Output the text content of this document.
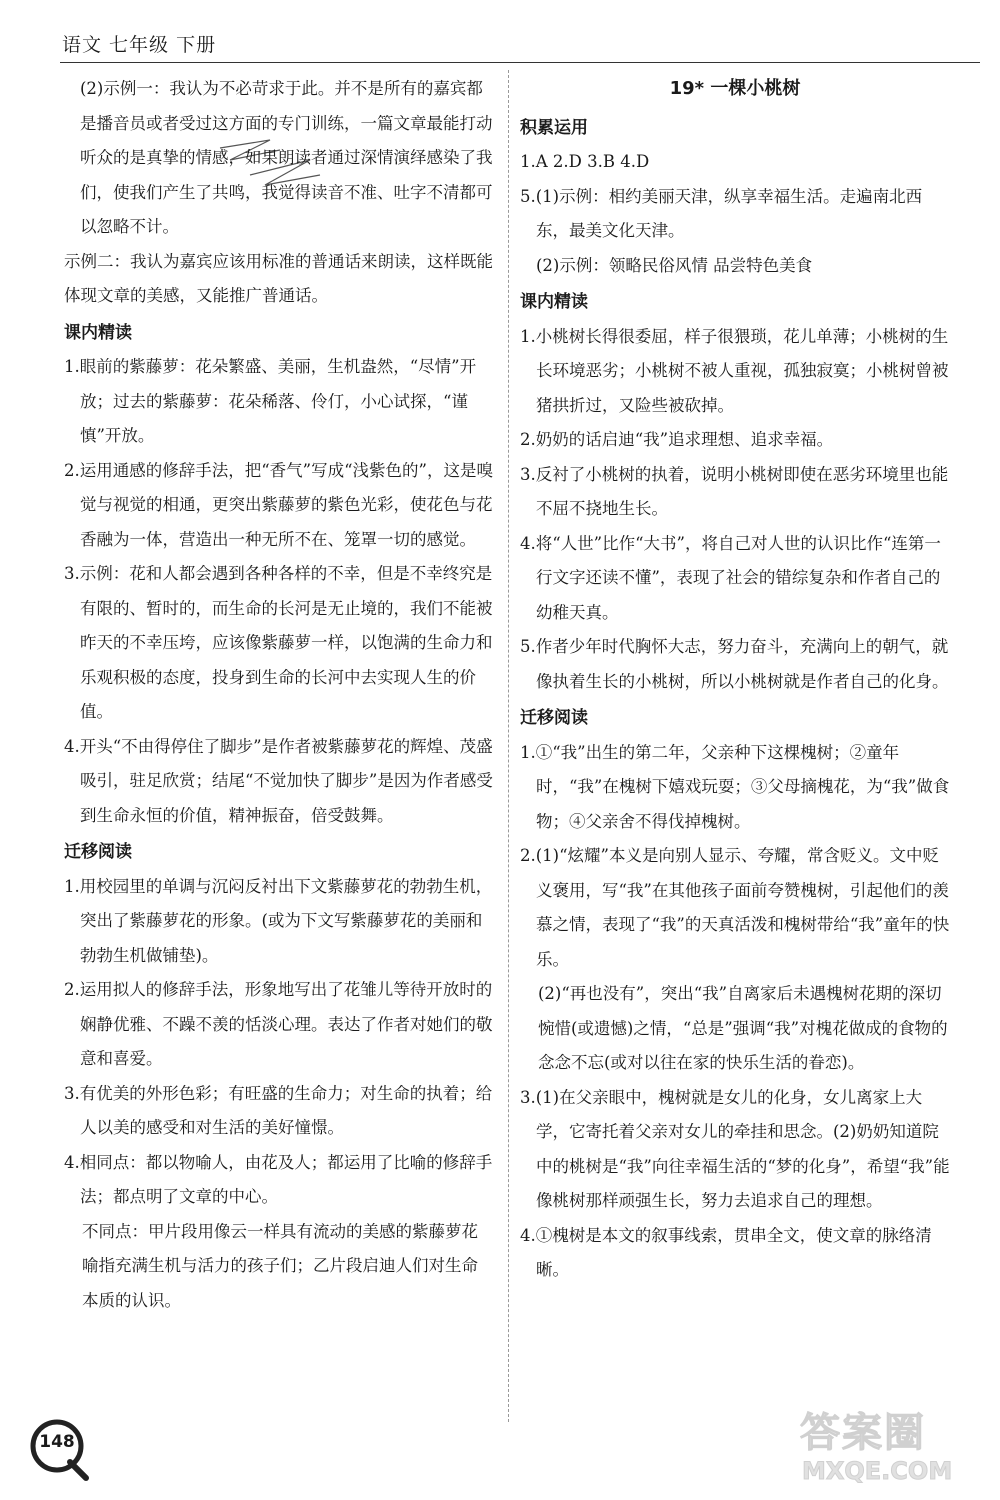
语文 七年级 下册

(2)示例一：我认为不必苛求于此。并不是所有的嘉宾都是播音员或者受过这方面的专门训练，一篇文章最能打动听众的是真挚的情感，如果朗读者通过深情演绎感染了我们，使我们产生了共鸣，我觉得读音不准、吐字不清都可以忽略不计。

示例二：我认为嘉宾应该用标准的普通话来朗读，这样既能体现文章的美感，又能推广普通话。

课内精读

1.眼前的紫藤萝：花朵繁盛、美丽，生机盎然，“尽情”开放；过去的紫藤萝：花朵稀落、伶仃，小心试探，“谨慎”开放。

2.运用通感的修辞手法，把“香气”写成“浅紫色的”，这是嗅觉与视觉的相通，更突出紫藤萝的紫色光彩，使花色与花香融为一体，营造出一种无所不在、笼罩一切的感觉。

3.示例：花和人都会遇到各种各样的不幸，但是不幸终究是有限的、暂时的，而生命的长河是无止境的，我们不能被昨天的不幸压垮，应该像紫藤萝一样，以饱满的生命力和乐观积极的态度，投身到生命的长河中去实现人生的价值。

4.开头“不由得停住了脚步”是作者被紫藤萝花的辉煌、茂盛吸引，驻足欣赏；结尾“不觉加快了脚步”是因为作者感受到生命永恒的价值，精神振奋，倍受鼓舞。

迁移阅读

1.用校园里的单调与沉闷反衬出下文紫藤萝花的勃勃生机，突出了紫藤萝花的形象。(或为下文写紫藤萝花的美丽和勃勃生机做铺垫)。

2.运用拟人的修辞手法，形象地写出了花雏儿等待开放时的娴静优雅、不躁不羡的恬淡心理。表达了作者对她们的敬意和喜爱。

3.有优美的外形色彩；有旺盛的生命力；对生命的执着；给人以美的感受和对生活的美好憧憬。

4.相同点：都以物喻人，由花及人；都运用了比喻的修辞手法；都点明了文章的中心。

不同点：甲片段用像云一样具有流动的美感的紫藤萝花喻指充满生机与活力的孩子们；乙片段启迪人们对生命本质的认识。

19* 一棵小桃树

积累运用

1.A 2.D 3.B 4.D

5.(1)示例：相约美丽天津，纵享幸福生活。走遍南北西东，最美文化天津。

(2)示例：领略民俗风情 品尝特色美食

课内精读

1.小桃树长得很委屈，样子很猥琐，花儿单薄；小桃树的生长环境恶劣；小桃树不被人重视，孤独寂寞；小桃树曾被猪拱折过，又险些被砍掉。

2.奶奶的话启迪“我”追求理想、追求幸福。

3.反衬了小桃树的执着，说明小桃树即使在恶劣环境里也能不屈不挠地生长。

4.将“人世”比作“大书”，将自己对人世的认识比作“连第一行文字还读不懂”，表现了社会的错综复杂和作者自己的幼稚天真。

5.作者少年时代胸怀大志，努力奋斗，充满向上的朝气，就像执着生长的小桃树，所以小桃树就是作者自己的化身。

迁移阅读

1.①“我”出生的第二年，父亲种下这棵槐树；②童年时，“我”在槐树下嬉戏玩耍；③父母摘槐花，为“我”做食物；④父亲舍不得伐掉槐树。

2.(1)“炫耀”本义是向别人显示、夸耀，常含贬义。文中贬义褒用，写“我”在其他孩子面前夸赞槐树，引起他们的羡慕之情，表现了“我”的天真活泼和槐树带给“我”童年的快乐。

(2)“再也没有”，突出“我”自离家后未遇槐树花期的深切惋惜(或遗憾)之情，“总是”强调“我”对槐花做成的食物的念念不忘(或对以往在家的快乐生活的眷恋)。

3.(1)在父亲眼中，槐树就是女儿的化身，女儿离家上大学，它寄托着父亲对女儿的牵挂和思念。(2)奶奶知道院中的桃树是“我”向往幸福生活的“梦的化身”，希望“我”能像桃树那样顽强生长，努力去追求自己的理想。

4.①槐树是本文的叙事线索，贯串全文，使文章的脉络清晰。

148	答案圈
MXQE.COM
